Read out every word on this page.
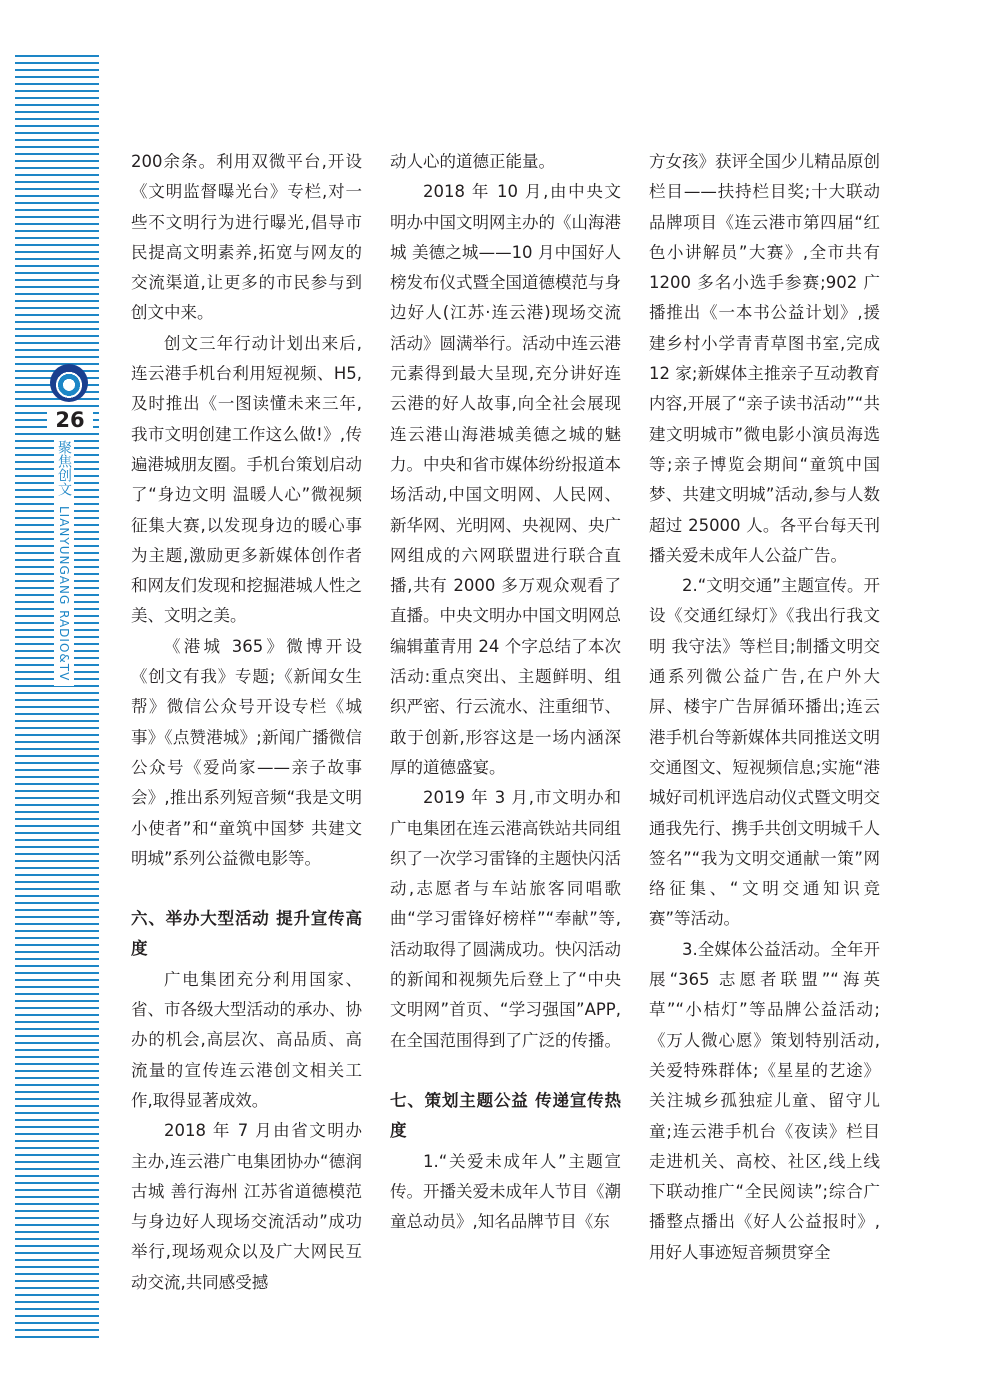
26
聚焦创文 LIANYUNGANG RADIO&TV

200余条。利用双微平台,开设《文明监督曝光台》专栏,对一些不文明行为进行曝光,倡导市民提高文明素养,拓宽与网友的交流渠道,让更多的市民参与到创文中来。

创文三年行动计划出来后,连云港手机台利用短视频、H5,及时推出《一图读懂未来三年,我市文明创建工作这么做!》,传遍港城朋友圈。手机台策划启动了“身边文明 温暖人心”微视频征集大赛,以发现身边的暖心事为主题,激励更多新媒体创作者和网友们发现和挖掘港城人性之美、文明之美。

《港城 365》微博开设《创文有我》专题;《新闻女生帮》微信公众号开设专栏《城事》《点赞港城》;新闻广播微信公众号《爱尚家——亲子故事会》,推出系列短音频“我是文明小使者”和“童筑中国梦 共建文明城”系列公益微电影等。

六、举办大型活动 提升宣传高度

广电集团充分利用国家、省、市各级大型活动的承办、协办的机会,高层次、高品质、高流量的宣传连云港创文相关工作,取得显著成效。

2018 年 7 月由省文明办主办,连云港广电集团协办“德润古城 善行海州 江苏省道德模范与身边好人现场交流活动”成功举行,现场观众以及广大网民互动交流,共同感受撼

动人心的道德正能量。

2018 年 10 月,由中央文明办中国文明网主办的《山海港城 美德之城——10 月中国好人榜发布仪式暨全国道德模范与身边好人(江苏·连云港)现场交流活动》圆满举行。活动中连云港元素得到最大呈现,充分讲好连云港的好人故事,向全社会展现连云港山海港城美德之城的魅力。中央和省市媒体纷纷报道本场活动,中国文明网、人民网、新华网、光明网、央视网、央广网组成的六网联盟进行联合直播,共有 2000 多万观众观看了直播。中央文明办中国文明网总编辑董青用 24 个字总结了本次活动:重点突出、主题鲜明、组织严密、行云流水、注重细节、敢于创新,形容这是一场内涵深厚的道德盛宴。

2019 年 3 月,市文明办和广电集团在连云港高铁站共同组织了一次学习雷锋的主题快闪活动,志愿者与车站旅客同唱歌曲“学习雷锋好榜样”“奉献”等,活动取得了圆满成功。快闪活动的新闻和视频先后登上了“中央文明网”首页、“学习强国”APP,在全国范围得到了广泛的传播。

七、策划主题公益 传递宣传热度

1.“关爱未成年人”主题宣传。开播关爱未成年人节目《潮童总动员》,知名品牌节目《东

方女孩》获评全国少儿精品原创栏目——扶持栏目奖;十大联动品牌项目《连云港市第四届“红色小讲解员”大赛》,全市共有 1200 多名小选手参赛;902 广播推出《一本书公益计划》,援建乡村小学青青草图书室,完成 12 家;新媒体主推亲子互动教育内容,开展了“亲子读书活动”“共建文明城市”微电影小演员海选等;亲子博览会期间“童筑中国梦、共建文明城”活动,参与人数超过 25000 人。各平台每天刊播关爱未成年人公益广告。

2.“文明交通”主题宣传。开设《交通红绿灯》《我出行我文明 我守法》等栏目;制播文明交通系列微公益广告,在户外大屏、楼宇广告屏循环播出;连云港手机台等新媒体共同推送文明交通图文、短视频信息;实施“港城好司机评选启动仪式暨文明交通我先行、携手共创文明城千人签名”“我为文明交通献一策”网络征集、“文明交通知识竞赛”等活动。

3.全媒体公益活动。全年开展“365 志愿者联盟”“海英草”“小桔灯”等品牌公益活动;《万人微心愿》策划特别活动,关爱特殊群体;《星星的艺途》关注城乡孤独症儿童、留守儿童;连云港手机台《夜读》栏目走进机关、高校、社区,线上线下联动推广“全民阅读”;综合广播整点播出《好人公益报时》,用好人事迹短音频贯穿全
